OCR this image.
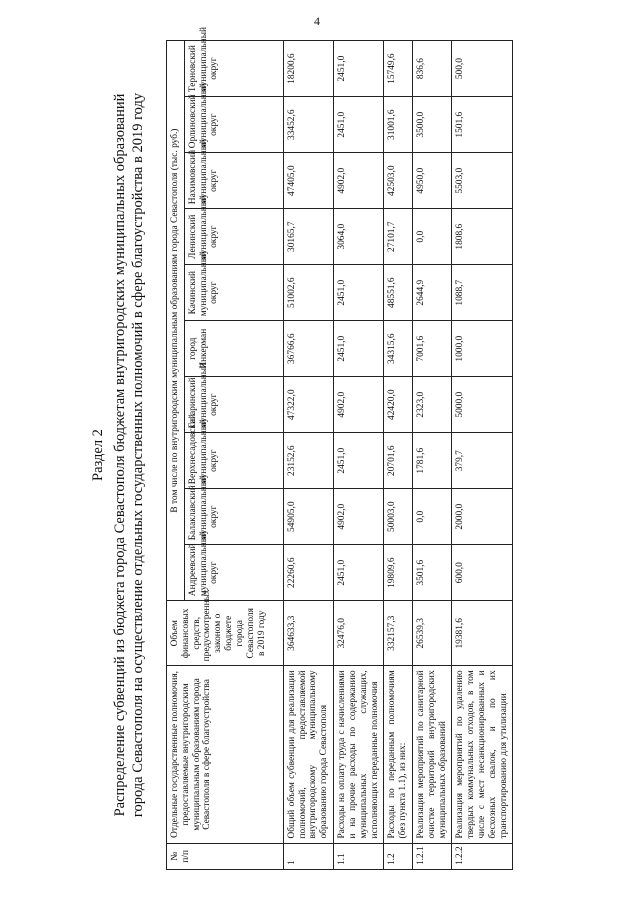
4
Раздел 2 Распределение субвенций из бюджета города Севастополя бюджетам внутригородских муниципальных образований города Севастополя на осуществление отдельных государственных полномочий в сфере благоустройства в 2019 году
№ п/п	Отдельные государственные полномочия, предоставляемые внутригородским муниципальным образованиям города Севастополя в сфере благоустройства	Объем финансовых средств, предусмотренных законом о бюджете города Севастополя в 2019 году	В том числе по внутригородским муниципальным образованиям города Севастополя (тыс. руб.)									
			Андреевский муниципальный округ	Балаклавский муниципальный округ	Верхнесадовский муниципальный округ	Гагаринский муниципальный округ	город Инкерман	Качинский муниципальный округ	Ленинский муниципальный округ	Нахимовский муниципальный округ	Орлиновский муниципальный округ	Терновский муниципальный округ
1	Общий объем субвенции для реализации полномочий, предоставляемой внутригородскому муниципальному образованию города Севастополя	364633,3	22260,6	54905,0	23152,6	47322,0	36766,6	51002,6	30165,7	47405,0	33452,6	18200,6
1.1	Расходы на оплату труда с начислениями и на прочие расходы по содержанию муниципальных служащих, исполняющих переданные полномочия	32476,0	2451,0	4902,0	2451,0	4902,0	2451,0	2451,0	3064,0	4902,0	2451,0	2451,0
1.2	Расходы по переданным полномочиям (без пункта 1.1), из них:	332157,3	19809,6	50003,0	20701,6	42420,0	34315,6	48551,6	27101,7	42503,0	31001,6	15749,6
1.2.1	Реализация мероприятий по санитарной очистке территорий внутригородских муниципальных образований	26539,3	3501,6	0,0	1781,6	2323,0	7001,6	2644,9	0,0	4950,0	3500,0	836,6
1.2.2	Реализация мероприятий по удалению твердых коммунальных отходов, в том числе с мест несанкционированных и бесхозных свалок, и по их транспортированию для утилизации	19381,6	600,0	2000,0	379,7	5000,0	1000,0	1088,7	1808,6	5503,0	1501,6	500,0
